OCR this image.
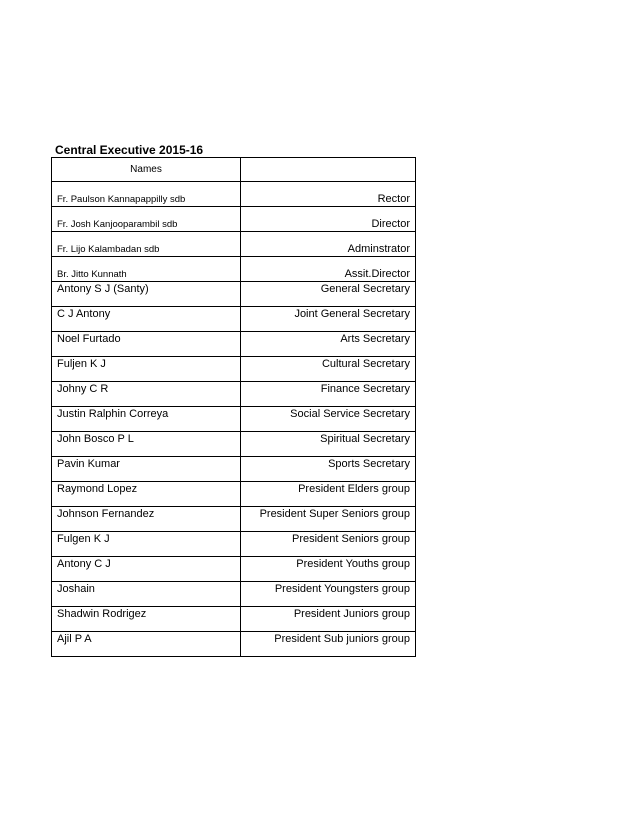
Central Executive 2015-16
Names	
Fr. Paulson Kannapappilly sdb	Rector
Fr. Josh Kanjooparambil sdb	Director
Fr. Lijo Kalambadan sdb	Adminstrator
Br. Jitto Kunnath	Assit.Director
Antony S J (Santy)	General Secretary
C J Antony	Joint General Secretary
Noel Furtado	Arts Secretary
Fuljen K J	Cultural Secretary
Johny C R	Finance Secretary
Justin Ralphin Correya	Social Service Secretary
John Bosco P L	Spiritual Secretary
Pavin Kumar	Sports Secretary
Raymond Lopez	President Elders group
Johnson Fernandez	President Super Seniors group
Fulgen K J	President Seniors group
Antony C J	President Youths group
Joshain	President Youngsters group
Shadwin Rodrigez	President Juniors group
Ajil P A	President Sub juniors group
